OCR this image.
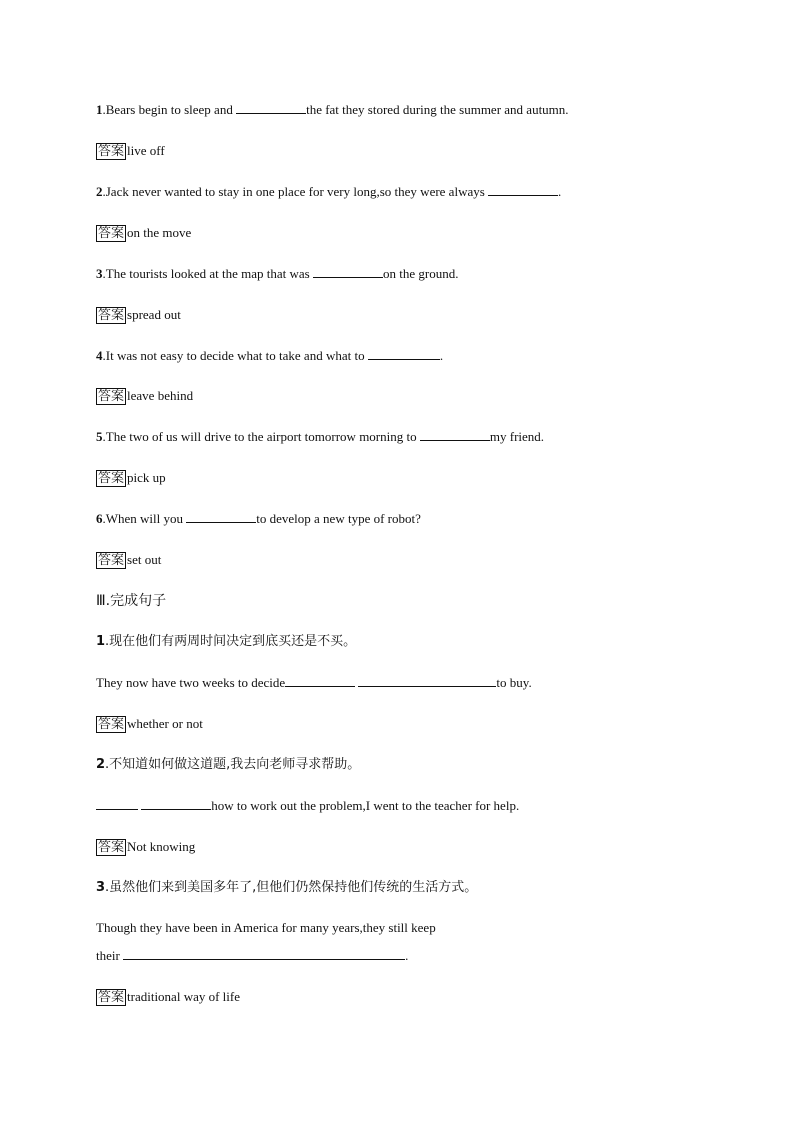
1.Bears begin to sleep and	the fat they stored during the summer and autumn.
答案 live off
2.Jack never wanted to stay in one place for very long,so they were always	.
答案 on the move
3.The tourists looked at the map that was	on the ground.
答案 spread out
4.It was not easy to decide what to take and what to	.
答案 leave behind
5.The two of us will drive to the airport tomorrow morning to	my friend.
答案 pick up
6.When will you	to develop a new type of robot?
答案 set out
Ⅲ.完成句子
1.现在他们有两周时间决定到底买还是不买。
They now have two weeks to decide	to buy.
答案 whether or not
2.不知道如何做这道题,我去向老师寻求帮助。
how to work out the problem,I went to the teacher for help.
答案 Not knowing
3.虽然他们来到美国多年了,但他们仍然保持他们传统的生活方式。
Though they have been in America for many years,they still keep
their	.
答案 traditional way of life
